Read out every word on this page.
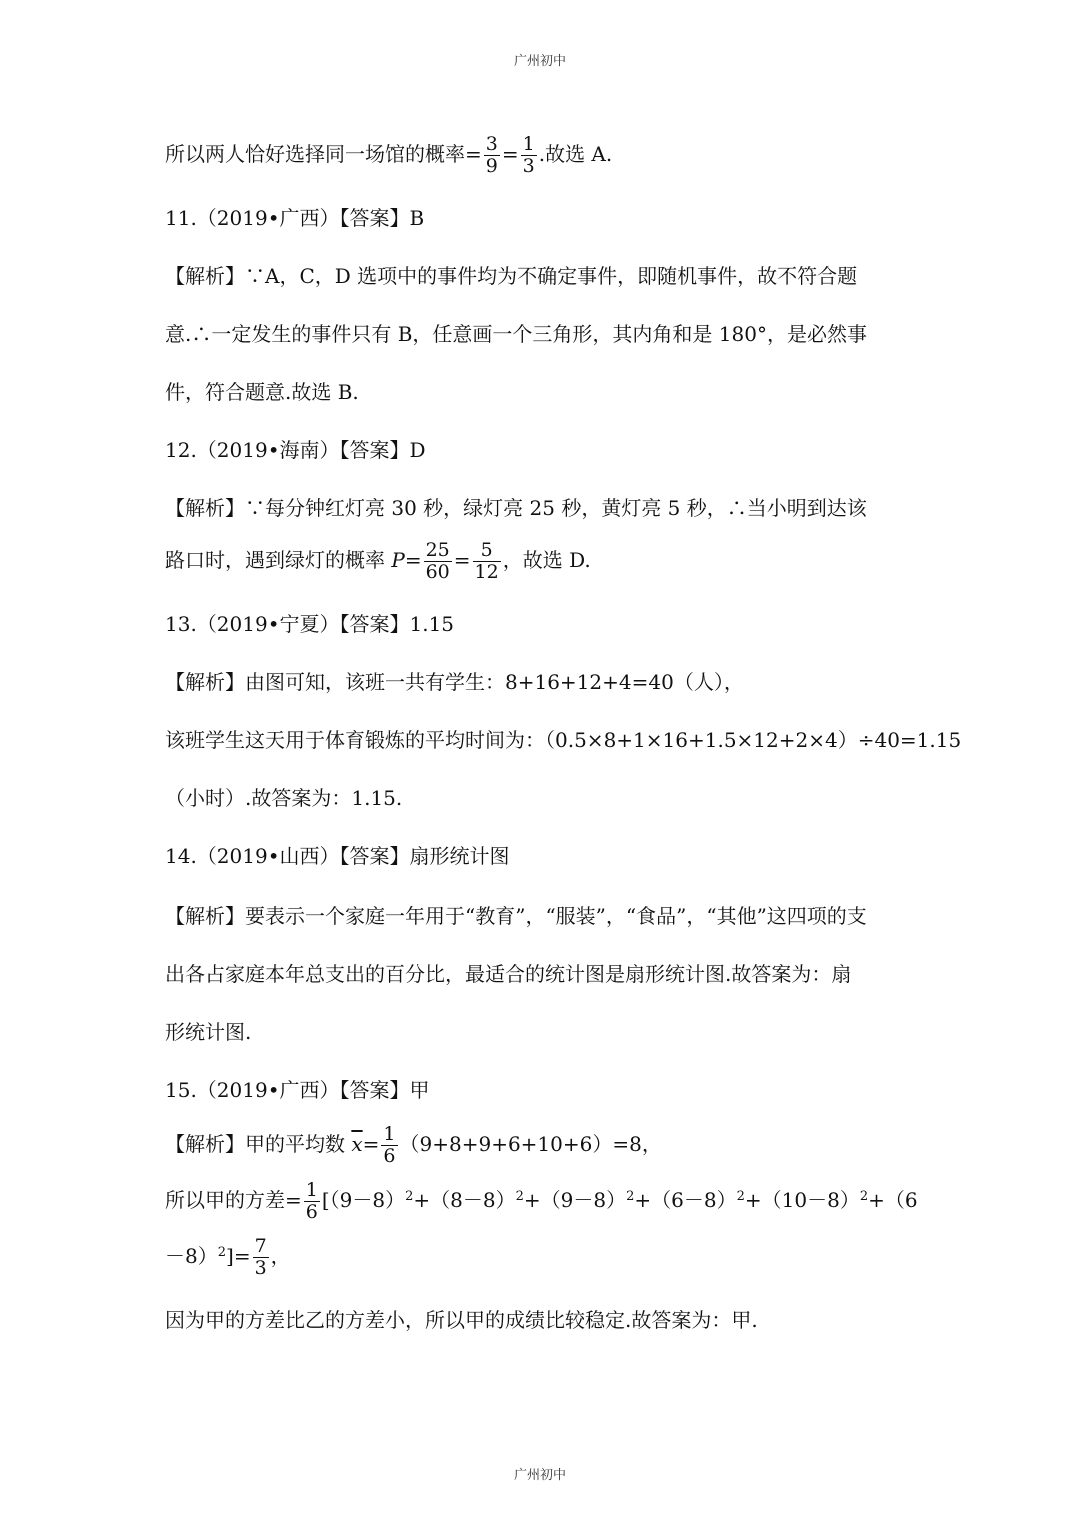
广州初中
所以两人恰好选择同一场馆的概率= $\frac{3}{9} = \frac{1}{3}$ .故选 A.
11.（2019•广西）【答案】B
【解析】∵A，C，D 选项中的事件均为不确定事件，即随机事件，故不符合题
意.∴一定发生的事件只有 B，任意画一个三角形，其内角和是 180°，是必然事
件，符合题意.故选 B.
12.（2019•海南）【答案】D
【解析】∵每分钟红灯亮 30 秒，绿灯亮 25 秒，黄灯亮 5 秒，∴当小明到达该
路口时，遇到绿灯的概率 $P= \frac{25}{60} = \frac{5}{12}$ ，故选 D.
13.（2019•宁夏）【答案】1.15
【解析】由图可知，该班一共有学生：8+16+12+4=40（人），
该班学生这天用于体育锻炼的平均时间为：（0.5×8+1×16+1.5×12+2×4）÷40=1.15
（小时）.故答案为：1.15.
14.（2019•山西）【答案】扇形统计图
【解析】要表示一个家庭一年用于“教育”，“服装”，“食品”，“其他”这四项的支
出各占家庭本年总支出的百分比，最适合的统计图是扇形统计图.故答案为：扇
形统计图.
15.（2019•广西）【答案】甲
【解析】甲的平均数 $\overline{x}= \frac{1}{6} (9+8+9+6+10+6)=8$，
所以甲的方差= $\frac{1}{6} [(9-8)^2+(8-8)^2+(9-8)^2+(6-8)^2+(10-8)^2+(6$
$-8)^2]= \frac{7}{3}$ ，
因为甲的方差比乙的方差小，所以甲的成绩比较稳定.故答案为：甲.
广州初中
